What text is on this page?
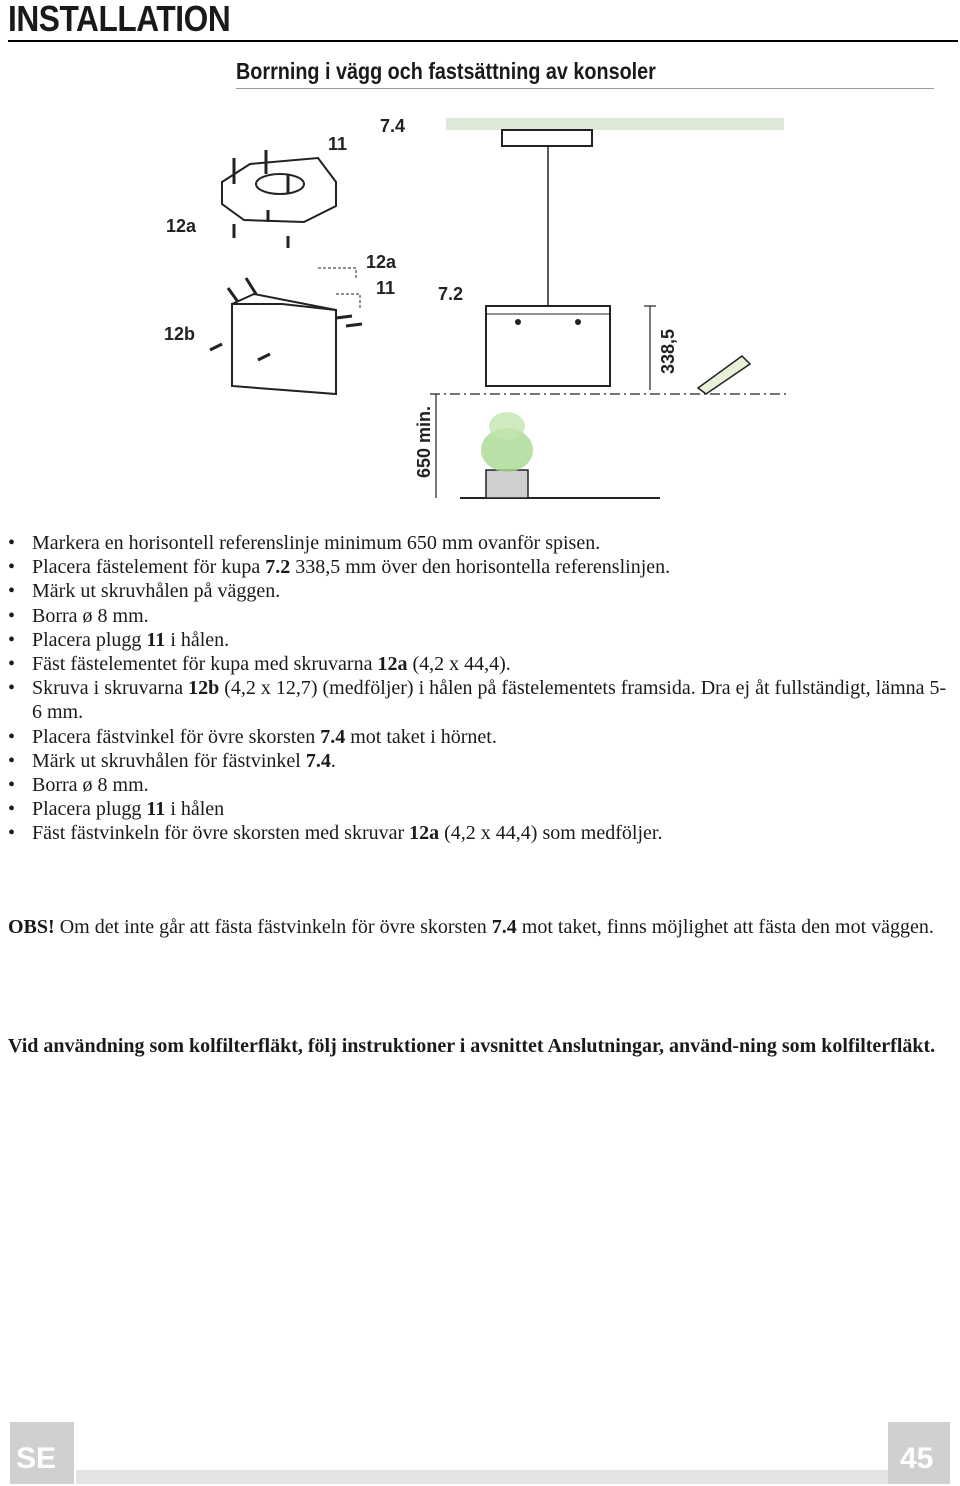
INSTALLATION
Borrning i vägg och fastsättning av konsoler
11
7.4
12a
12a
11 7.2
12b	338,5
650 min.
• Markera en horisontell referenslinje minimum 650 mm ovanför spisen.
• Placera fästelement för kupa 7.2 338,5 mm över den horisontella referenslinjen.
• Märk ut skruvhålen på väggen.
• Borra ø 8 mm.
• Placera plugg 11 i hålen.
• Fäst fästelementet för kupa med skruvarna 12a (4,2 x 44,4).
• Skruva i skruvarna 12b (4,2 x 12,7) (medföljer) i hålen på fästelementets framsida. Dra ej åt fullständigt, lämna 5-6 mm.
• Placera fästvinkel för övre skorsten 7.4 mot taket i hörnet.
• Märk ut skruvhålen för fästvinkel 7.4.
• Borra ø 8 mm.
• Placera plugg 11 i hålen
• Fäst fästvinkeln för övre skorsten med skruvar 12a (4,2 x 44,4) som medföljer.
OBS! Om det inte går att fästa fästvinkeln för övre skorsten 7.4 mot taket, finns möjlighet att fästa den mot väggen.
Vid användning som kolfilterfläkt, följ instruktioner i avsnittet Anslutningar, använd-ning som kolfilterfläkt.
SE	45
